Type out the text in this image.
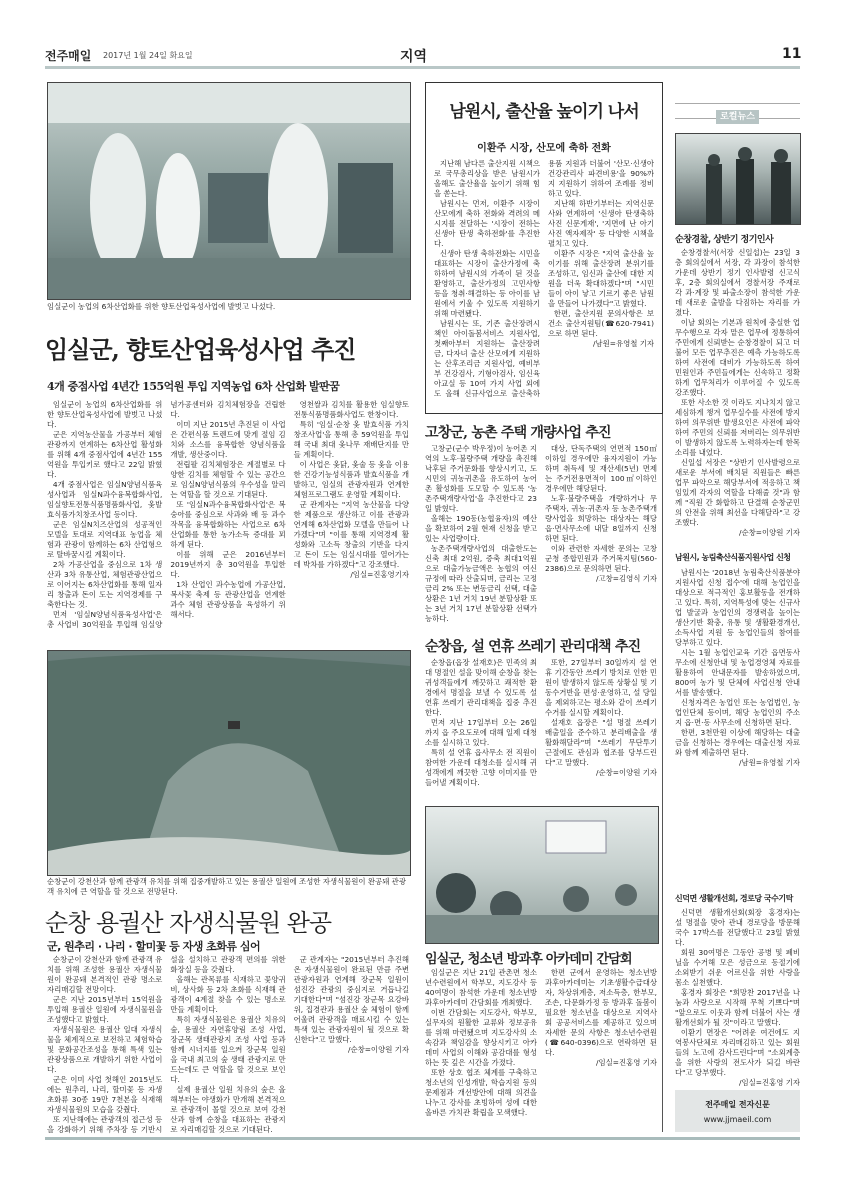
전주매일 2017년 1월 24일 화요일	지역	11
임실군이 농업의 6차산업화를 위한 향토산업육성사업에 발벗고 나섰다.
임실군, 향토산업육성사업 추진
4개 중점사업 4년간 155억원 투입 지역농업 6차 산업화 발판꿈

임실군이 농업의 6차산업화를 위한 향토산업육성사업에 발벗고 나섰다.

군은 지역농산물을 가공부터 체험관광까지 연계하는 6차산업 활성화를 위해 4개 중점사업에 4년간 155억원을 투입키로 했다고 22일 밝혔다.

4개 중점사업은 임실N양념식품육성사업과 임실N과수융복합화사업, 임실향토전통식품명품화사업, 옻발효식품가치창조사업 등이다.

군은 임실N치즈산업의 성공적인 모델을 토대로 지역대표 농업을 체험과 관광이 함께하는 6차 산업형으로 탈바꿈시킬 계획이다.

2차 가공산업을 중심으로 1차 생산과 3차 유통산업, 체험관광산업으로 이어지는 6차산업화를 통해 일자리 창출과 돈이 도는 지역경제를 구축한다는 것.

먼저 '임실N양념식품육성사업'은 총 사업비 30억원을 투입해 임실양념가공센터와 김치체험장을 건립한다.

이미 지난 2015년 추진된 이 사업은 간편식품 트렌드에 맞게 절임 김치와 소스를 융복합한 양념식품을 개발, 생산중이다.

전립팔 김치체험장은 계절별로 다양한 김치를 체험할 수 있는 공간으로 임실N양념식품의 우수성을 알리는 역할을 할 것으로 기대된다.

또 '임실N과수융복합화사업'은 복숭아를 중심으로 사과와 배 등 과수작목을 융복합화하는 사업으로 6차산업화를 통한 농가소득 증대를 꾀하게 된다.

이를 위해 군은 2016년부터 2019년까지 총 30억원을 투입한다.

1차 산업인 과수농업에 가공산업, 복사꽃 축제 등 관광산업을 연계한 과수 체험 관광상품을 육성하기 위해서다.

영천쌀과 김치를 활용한 임실향토전통식품명품화사업도 한창이다.

특히 '임실·순창 옻 발효식품 가치창조사업'을 통해 총 59억원을 투입해 국내 최대 옻나무 재배단지를 만들 계획이다.

이 사업은 옻닭, 옻술 등 옻을 이용한 건강기능성식품과 발효식품을 개발하고, 임실의 관광자원과 연계한 체험프로그램도 운영할 계획이다.

군 관계자는 "지역 농산물을 다양한 제품으로 생산하고 이를 관광과 연계해 6차산업화 모델을 만들어 나가겠다"며 "이를 통해 지역경제 활성화와 고소득 창출의 기반을 다지고 돈이 도는 임실시대를 열어가는 데 박차를 가하겠다"고 강조했다.

/임실=진홍영기자

순창군이 강천산과 함께 관광객 유치를 위해 집중개발하고 있는 용궐산 일원에 조성한 자생식물원이 완공돼 관광객 유치에 큰 역할을 할 것으로 전망된다.
순창 용궐산 자생식물원 완공
군, 원추리 · 나리 · 할미꽃 등 자생 초화류 심어

순창군이 강천산과 함께 관광객 유치를 위해 조성한 용궐산 자생식물원이 완공돼 본격적인 관광 명소로 자리매김할 전망이다.

군은 지난 2015년부터 15억원을 투입해 용궐산 일원에 자생식물원을 조성했다고 밝혔다.

자생식물원은 용궐산 일대 자생식물을 체계적으로 보전하고 체험학습 및 문화공간조성을 통해 특색 있는 관광상품으로 개발하기 위한 사업이다.

군은 이미 사업 첫해인 2015년도에는 원추리, 나리, 할미꽃 등 자생 초화류 30종 19만 7천본을 식재해 자생식물원의 모습을 갖췄다.

또 지난해에는 관광객의 접근성 등을 강화하기 위해 주차장 등 기반시설을 설치하고 관광객 편의를 위한 화장실 등을 갖췄다.

올해는 관목류를 식재하고 꽃양귀비, 상사화 등 2차 초화를 식재해 관광객이 4계절 찾을 수 있는 명소로 만들 계획이다.

특히 자생식물원은 용궐산 치유의 숲, 용궐산 자연휴양림 조성 사업, 장군목 생태관광지 조성 사업 등과 함께 시너지를 일으켜 장군목 일원을 국내 최고의 숲 생태 관광지로 만드는데도 큰 역할을 할 것으로 보인다.

실제 용궐산 일원 치유의 숲은 올해부터는 야생화가 만개해 본격적으로 관광객이 몰릴 것으로 보여 강천산과 함께 순창을 대표하는 관광지로 자리매김할 것으로 기대된다.

군 관계자는 "2015년부터 추진해온 자생식물원이 완료된 만큼 주변 관광자원과 연계해 장군목 일원이 섬진강 관광의 중심지로 거듭나길 기대한다"며 "섬진강 장군목 요강바위, 집경관과 용궐산 숲 체험이 함께 어울려 관광객을 매료시킬 수 있는 특색 있는 관광자원이 될 것으로 확신한다"고 말했다.

/순창=이양원 기자

남원시, 출산율 높이기 나서
이환주 시장, 산모에 축하 전화

지난해 남다른 출산지원 시책으로 국무총리상을 받은 남원시가 올해도 출산율을 높이기 위해 힘을 쏟는다.

남원시는 먼저, 이환주 시장이 산모에게 축하 전화와 격려의 메시지를 전달하는 '시장이 전하는 신생아 탄생 축하전화'를 추진한다.

신생아 탄생 축하전화는 시민을 대표하는 시장이 출산가정에 축하하여 남원시의 가족이 된 것을 환영하고, 출산가정의 고민사항 등을 청취·해결하는 등 아이를 남원에서 키울 수 있도록 지원하기 위해 마련됐다.

남원시는 또, 기존 출산장려시책인 아이돌봄서비스 지원사업, 첫째아부터 지원하는 출산장려금, 다자녀 출산 산모에게 지원하는 산후조리금 지원사업, 예비부부 건강검사, 기형아검사, 임신육아교실 등 10여 가지 사업 외에도 올해 신규사업으로 출산축하용품 지원과 더불어 '산모·신생아 건강관리사 파견비용'을 90%까지 지원하기 위하여 조례를 정비하고 있다.

지난해 하반기부터는 지역신문사와 연계하여 '신생아 탄생축하 사진 신문게재', '지면에 난 아기 사진 액자제작' 등 다양한 시책을 펼치고 있다.

이환주 시장은 "지역 출산율 높이기를 위해 출산장려 분위기를 조성하고, 임신과 출산에 대한 지원을 더욱 확대하겠다"며 "시민들이 아이 낳고 기르기 좋은 남원을 만들어 나가겠다"고 밝혔다.

한편, 출산지원 문의사항은 보건소 출산지원팀(☎620-7941)으로 하면 된다.

/남원=유영철 기자

고창군, 농촌 주택 개량사업 추진

고창군(군수 박우정)이 농어촌 지역의 노후·불량주택 개량을 촉진해 낙후된 주거문화를 향상시키고, 도시민의 귀농귀촌을 유도하여 농어촌 활성화를 도모할 수 있도록 '농촌주택개량사업'을 추진한다고 23일 밝혔다.

올해는 190동(농협융자)의 예산을 확보하여 2월 현재 신청을 받고 있는 사업량이다.

농촌주택개량사업의 대출한도는 신축 최대 2억원, 증축 최대1억원으로 대출가능금액은 농협의 여신규정에 따라 산출되며, 금리는 고정금리 2% 또는 변동금리 선택, 대출상환은 1년 거치 19년 분할상환 또는 3년 거치 17년 분할상환 선택가능하다.

대상, 단독주택의 연면적 150㎡ 이하일 경우에만 융자지원이 가능하며 취득세 및 재산세(5년) 면제는 주거전용면적이 100㎡이하인 경우에만 해당된다.

노후·불량주택을 개량하거나 무주택자, 귀농·귀촌자 등 농촌주택개량사업을 희망하는 대상자는 해당 읍·면사무소에 내달 8일까지 신청하면 된다.

이와 관련한 자세한 문의는 고창군청 종합민원과 주거복지팀(560-2386)으로 문의하면 된다.

/고창=김영식 기자

순창읍, 설 연휴 쓰레기 관리대책 추진

순창읍(읍장 설재호)은 민족의 최대 명절인 설을 맞이해 순창을 찾는 귀성객들에게 깨끗하고 쾌적한 환경에서 명절을 보낼 수 있도록 설 연휴 쓰레기 관리대책을 집중 추진한다.

먼저 지난 17일부터 오는 26일까지 읍 주요도로에 대해 일제 대청소를 실시하고 있다.

특히 설 연휴 읍사무소 전 직원이 참여한 가운데 대청소를 실시해 귀성객에게 깨끗한 고향 이미지를 만들어낼 계획이다.

또한, 27일부터 30일까지 설 연휴 기간동안 쓰레기 방치로 인한 민원이 발생하지 않도록 상황실 및 기동수거반을 편성·운영하고, 설 당일을 제외하고는 평소와 같이 쓰레기 수거를 실시할 계획이다.

설재호 읍장은 "설 명절 쓰레기 배출일을 준수하고 분리배출을 생활화해달라"며 "쓰레기 무단투기 근절에도 관심과 협조를 당부드린다"고 말했다.

/순창=이양원 기자

임실군, 청소년 방과후 아카데미 간담회

임실군은 지난 21일 관촌면 청소년수련원에서 학부모, 지도강사 등 40여명이 참석한 가운데 청소년방과후아카데미 간담회를 개최했다.

이번 간담회는 지도강사, 학부모, 실무자의 원활한 교류와 정보공유를 위해 마련됐으며 지도강사의 소속감과 책임감을 향상시키고 아카데미 사업의 이해와 공감대를 형성하는 뜻 깊은 시간을 가졌다.

또한 상호 협조 체계를 구축하고 청소년의 인성개발, 학습지원 등의 문제점과 개선방안에 대해 의견을 나누고 강사를 초빙하여 성에 대한 올바른 가치관 확립을 모색했다.

한편 군에서 운영하는 청소년방과후아카데미는 기초생활수급대상자, 차상위계층, 저소득층, 한부모, 조손, 다문화가정 등 방과후 돌봄이 필요한 청소년을 대상으로 지역사회 공공서비스를 제공하고 있으며 자세한 문의 사항은 청소년수련원(☎640-0396)으로 연락하면 된다.

/임실=진홍영 기자

로컬뉴스
순창경찰, 상반기 정기인사

순창경찰서(서장 신일섭)는 23일 3층 회의실에서 서장, 각 과장이 참석한 가운데 상반기 정기 인사발령 신고식 후, 2층 회의실에서 경찰서장 주재로 각 과·계장 및 파출소장이 참석한 가운데 새로운 출발을 다짐하는 자리를 가졌다.

이날 회의는 기본과 원칙에 충실한 업무수행으로 각자 맡은 업무에 정통하여 주민에게 신뢰받는 순창경찰이 되고 더불어 모든 업무추진은 예측 가능하도록 하여 사전에 대비가 가능하도록 하여 민원인과 주민들에게는 신속하고 정확하게 업무처리가 이루어질 수 있도록 강조했다.

또한 사소한 것 이라도 지나치지 않고 세심하게 챙겨 업무실수를 사전에 방지하여 의무위반 발생요인은 사전에 파악하여 주민의 신뢰를 저버리는 의무위반이 발생하지 않도록 노력하자는데 한목소리를 내었다.

신일섭 서장은 "상반기 인사발령으로 새로운 부서에 배치된 직원들은 빠른 업무 파악으로 해당부서에 적응하고 책임있게 각자의 역할을 다해줄 것"과 함께 "직원 간 화합하고 단결해 순창군민의 안전을 위해 최선을 다해달라"고 강조했다.

/순창=이양원 기자

남원시, 농림축산식품지원사업 신청

남원시는 '2018년 농림축산식품분야 지원사업 신청 접수'에 대해 농업인을 대상으로 적극적인 홍보활동을 전개하고 있다. 특히, 지역특성에 맞는 신규사업 발굴과 농업인의 경쟁력을 높이는 생산기반 확충, 유통 및 생활환경개선, 소득사업 지원 등 농업인들의 참여를 당부하고 있다.

시는 1월 농업인교육 기간 읍면동사무소에 신청안내 및 농업경영체 자료를 활용하여 안내문자를 발송하였으며, 800여 농가 및 단체에 사업신청 안내서를 발송했다.

신청자격은 농업인 또는 농업법인, 농업인단체 등이며, 해당 농업인의 주소지 읍·면·동 사무소에 신청하면 된다.

한편, 3천만원 이상에 해당하는 대출금을 신청하는 경우에는 대출신청 자료와 함께 제출하면 된다.

/남원=유영철 기자

신덕면 생활개선회, 경로당 국수기탁

신덕면 생활개선회(회장 홍경자)는 설 명절을 맞아 관내 경로당을 방문해 국수 17박스를 전달했다고 23일 밝혔다.

회원 30여명은 그동안 공병 및 폐비닐을 수거해 모은 성금으로 동절기에 소외받기 쉬운 어르신을 위한 사랑을 몸소 실천했다.

홍경자 회장은 "희망찬 2017년을 나눔과 사랑으로 시작해 무척 기쁘다"며 "앞으로도 이웃과 함께 더불어 사는 생활개선회가 될 것"이라고 말했다.

이환기 면장은 "어려운 여건에도 지역봉사단체로 자리매김하고 있는 회원들의 노고에 감사드린다"며 "소외계층을 위한 사랑의 전도사가 되길 바란다"고 당부했다.

/임실=진홍영 기자

전주매일 전자신문
www.jjmaeil.com
